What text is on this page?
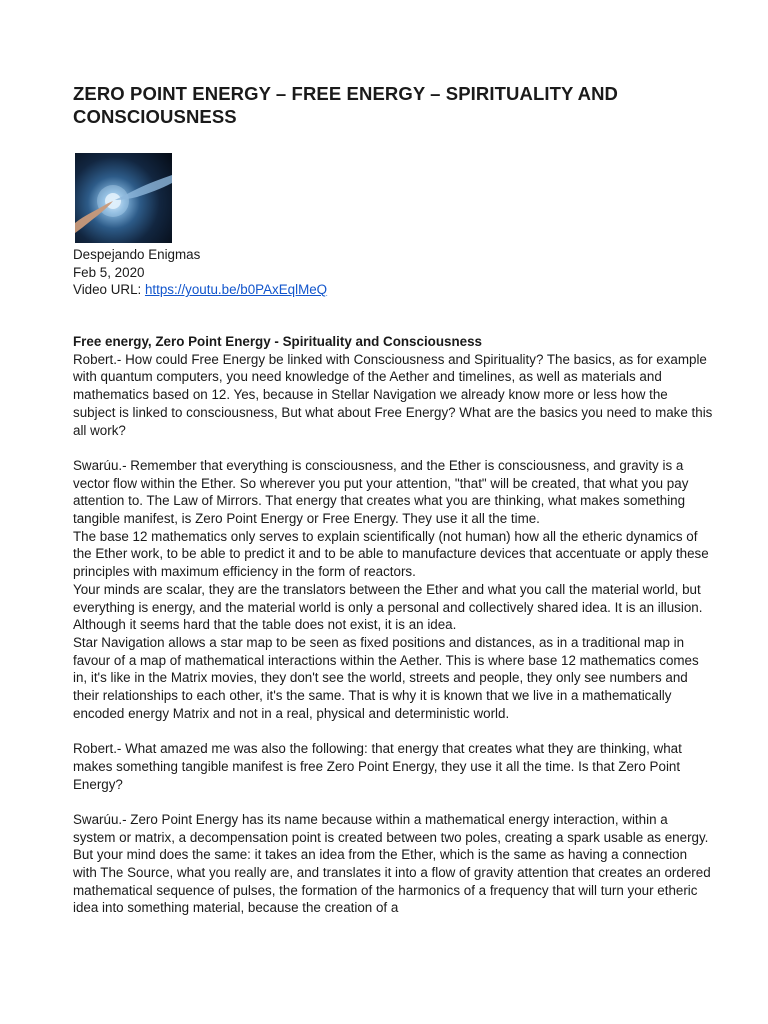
ZERO POINT ENERGY – FREE ENERGY – SPIRITUALITY AND CONSCIOUSNESS
Despejando Enigmas
Feb 5, 2020
Video URL: https://youtu.be/b0PAxEqlMeQ

Free energy, Zero Point Energy - Spirituality and Consciousness

Robert.- How could Free Energy be linked with Consciousness and Spirituality? The basics, as for example with quantum computers, you need knowledge of the Aether and timelines, as well as materials and mathematics based on 12. Yes, because in Stellar Navigation we already know more or less how the subject is linked to consciousness, But what about Free Energy? What are the basics you need to make this all work?

Swarúu.- Remember that everything is consciousness, and the Ether is consciousness, and gravity is a vector flow within the Ether. So wherever you put your attention, "that" will be created, that what you pay attention to. The Law of Mirrors. That energy that creates what you are thinking, what makes something tangible manifest, is Zero Point Energy or Free Energy. They use it all the time.

The base 12 mathematics only serves to explain scientifically (not human) how all the etheric dynamics of the Ether work, to be able to predict it and to be able to manufacture devices that accentuate or apply these principles with maximum efficiency in the form of reactors.

Your minds are scalar, they are the translators between the Ether and what you call the material world, but everything is energy, and the material world is only a personal and collectively shared idea. It is an illusion. Although it seems hard that the table does not exist, it is an idea.

Star Navigation allows a star map to be seen as fixed positions and distances, as in a traditional map in favour of a map of mathematical interactions within the Aether. This is where base 12 mathematics comes in, it's like in the Matrix movies, they don't see the world, streets and people, they only see numbers and their relationships to each other, it's the same. That is why it is known that we live in a mathematically encoded energy Matrix and not in a real, physical and deterministic world.

Robert.- What amazed me was also the following: that energy that creates what they are thinking, what makes something tangible manifest is free Zero Point Energy, they use it all the time. Is that Zero Point Energy?

Swarúu.- Zero Point Energy has its name because within a mathematical energy interaction, within a system or matrix, a decompensation point is created between two poles, creating a spark usable as energy. But your mind does the same: it takes an idea from the Ether, which is the same as having a connection with The Source, what you really are, and translates it into a flow of gravity attention that creates an ordered mathematical sequence of pulses, the formation of the harmonics of a frequency that will turn your etheric idea into something material, because the creation of a
